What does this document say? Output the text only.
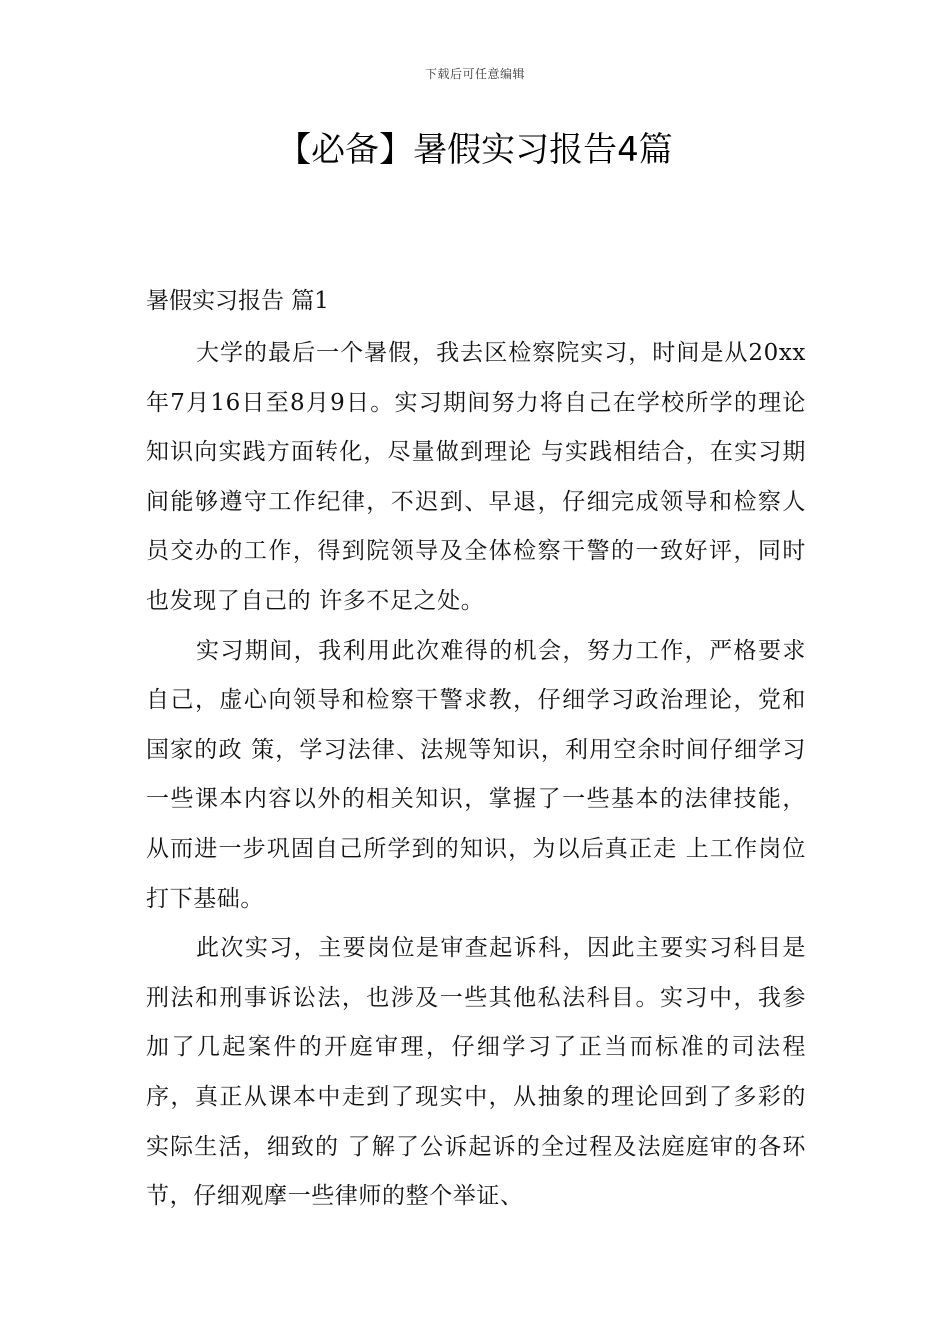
下载后可任意编辑
【必备】暑假实习报告4篇
暑假实习报告 篇1

大学的最后一个暑假，我去区检察院实习，时间是从20xx年7月16日至8月9日。实习期间努力将自己在学校所学的理论知识向实践方面转化，尽量做到理论 与实践相结合，在实习期间能够遵守工作纪律，不迟到、早退，仔细完成领导和检察人员交办的工作，得到院领导及全体检察干警的一致好评，同时也发现了自己的 许多不足之处。

实习期间，我利用此次难得的机会，努力工作，严格要求自己，虚心向领导和检察干警求教，仔细学习政治理论，党和国家的政 策，学习法律、法规等知识，利用空余时间仔细学习一些课本内容以外的相关知识，掌握了一些基本的法律技能，从而进一步巩固自己所学到的知识，为以后真正走 上工作岗位打下基础。

此次实习，主要岗位是审查起诉科，因此主要实习科目是刑法和刑事诉讼法，也涉及一些其他私法科目。实习中，我参加了几起案件的开庭审理，仔细学习了正当而标准的司法程序，真正从课本中走到了现实中，从抽象的理论回到了多彩的实际生活，细致的 了解了公诉起诉的全过程及法庭庭审的各环节，仔细观摩一些律师的整个举证、
